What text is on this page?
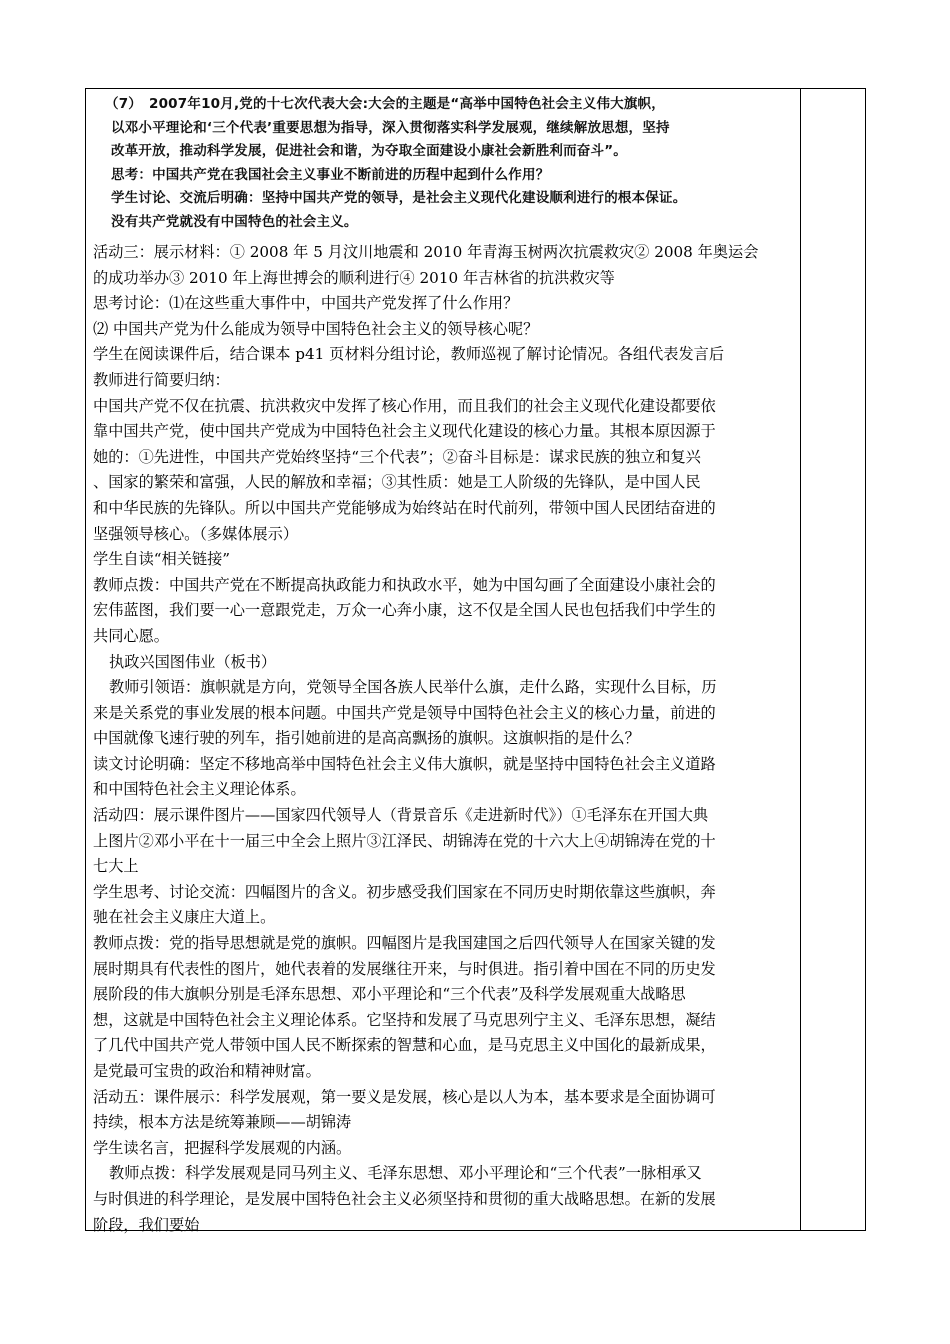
（7） 2007年10月,党的十七次代表大会:大会的主题是“高举中国特色社会主义伟大旗帜，
以邓小平理论和‘三个代表’重要思想为指导，深入贯彻落实科学发展观，继续解放思想，坚持
改革开放，推动科学发展，促进社会和谐，为夺取全面建设小康社会新胜利而奋斗”。
思考：中国共产党在我国社会主义事业不断前进的历程中起到什么作用？
学生讨论、交流后明确：坚持中国共产党的领导，是社会主义现代化建设顺利进行的根本保证。
没有共产党就没有中国特色的社会主义。

活动三：展示材料：① 2008 年 5 月汶川地震和 2010 年青海玉树两次抗震救灾② 2008 年奥运会

的成功举办③ 2010 年上海世搏会的顺利进行④ 2010 年吉林省的抗洪救灾等

思考讨论：⑴在这些重大事件中，中国共产党发挥了什么作用？

⑵ 中国共产党为什么能成为领导中国特色社会主义的领导核心呢？

学生在阅读课件后，结合课本 p41 页材料分组讨论，教师巡视了解讨论情况。各组代表发言后

教师进行简要归纳：

中国共产党不仅在抗震、抗洪救灾中发挥了核心作用，而且我们的社会主义现代化建设都要依

靠中国共产党，使中国共产党成为中国特色社会主义现代化建设的核心力量。其根本原因源于

她的：①先进性，中国共产党始终坚持“三个代表”；②奋斗目标是：谋求民族的独立和复兴

、国家的繁荣和富强，人民的解放和幸福；③其性质：她是工人阶级的先锋队，是中国人民

和中华民族的先锋队。所以中国共产党能够成为始终站在时代前列，带领中国人民团结奋进的

坚强领导核心。（多媒体展示）

学生自读“相关链接”

教师点拨：中国共产党在不断提高执政能力和执政水平，她为中国勾画了全面建设小康社会的

宏伟蓝图，我们要一心一意跟党走，万众一心奔小康，这不仅是全国人民也包括我们中学生的

共同心愿。

执政兴国图伟业（板书）

教师引领语：旗帜就是方向，党领导全国各族人民举什么旗，走什么路，实现什么目标，历

来是关系党的事业发展的根本问题。中国共产党是领导中国特色社会主义的核心力量，前进的

中国就像飞速行驶的列车，指引她前进的是高高飘扬的旗帜。这旗帜指的是什么？

读文讨论明确：坚定不移地高举中国特色社会主义伟大旗帜，就是坚持中国特色社会主义道路

和中国特色社会主义理论体系。

活动四：展示课件图片——国家四代领导人（背景音乐《走进新时代》）①毛泽东在开国大典

上图片②邓小平在十一届三中全会上照片③江泽民、胡锦涛在党的十六大上④胡锦涛在党的十

七大上

学生思考、讨论交流：四幅图片的含义。初步感受我们国家在不同历史时期依靠这些旗帜，奔

驰在社会主义康庄大道上。

教师点拨：党的指导思想就是党的旗帜。四幅图片是我国建国之后四代领导人在国家关键的发

展时期具有代表性的图片，她代表着的发展继往开来，与时俱进。指引着中国在不同的历史发

展阶段的伟大旗帜分别是毛泽东思想、邓小平理论和“三个代表”及科学发展观重大战略思

想，这就是中国特色社会主义理论体系。它坚持和发展了马克思列宁主义、毛泽东思想，凝结

了几代中国共产党人带领中国人民不断探索的智慧和心血，是马克思主义中国化的最新成果，

是党最可宝贵的政治和精神财富。

活动五：课件展示：科学发展观，第一要义是发展，核心是以人为本，基本要求是全面协调可

持续，根本方法是统筹兼顾——胡锦涛

学生读名言，把握科学发展观的内涵。

教师点拨：科学发展观是同马列主义、毛泽东思想、邓小平理论和“三个代表”一脉相承又

与时俱进的科学理论，是发展中国特色社会主义必须坚持和贯彻的重大战略思想。在新的发展

阶段，我们要始
